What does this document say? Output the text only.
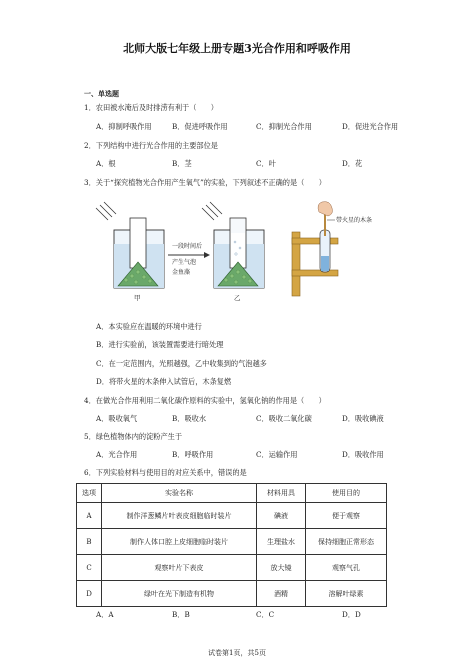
北师大版七年级上册专题3光合作用和呼吸作用
一、单选题
1．农田被水淹后及时排涝有利于（　　）
A．抑制呼吸作用	B．促进呼吸作用	C．抑制光合作用	D．促进光合作用
2．下列结构中进行光合作用的主要部位是
A．根	B．茎	C．叶	D．花
3．关于“探究植物光合作用产生氧气”的实验，下列叙述不正确的是（　　）
一段时间后
产生气泡
金鱼藻
甲	乙
带火星的木条
A．本实验应在温暖的环境中进行
B．进行实验前，该装置需要进行暗处理
C．在一定范围内，光照越强，乙中收集到的气泡越多
D．将带火星的木条伸入试管后，木条复燃
4．在做光合作用利用二氧化碳作原料的实验中，氢氧化钠的作用是（　　）
A．吸收氧气	B．吸收水	C．吸收二氧化碳	D．吸收碘液
5．绿色植物体内的淀粉产生于
A．光合作用	B．呼吸作用	C．运输作用	D．吸收作用
6．下列实验材料与使用目的对应关系中，错误的是
选项	实验名称	材料用具	使用目的
A	制作洋葱鳞片叶表皮细胞临时装片	碘液	便于观察
B	制作人体口腔上皮细胞临时装片	生理盐水	保持细胞正常形态
C	观察叶片下表皮	放大镜	观察气孔
D	绿叶在光下制造有机物	酒精	溶解叶绿素
A．A	B．B	C．C	D．D
试卷第1页，共5页
